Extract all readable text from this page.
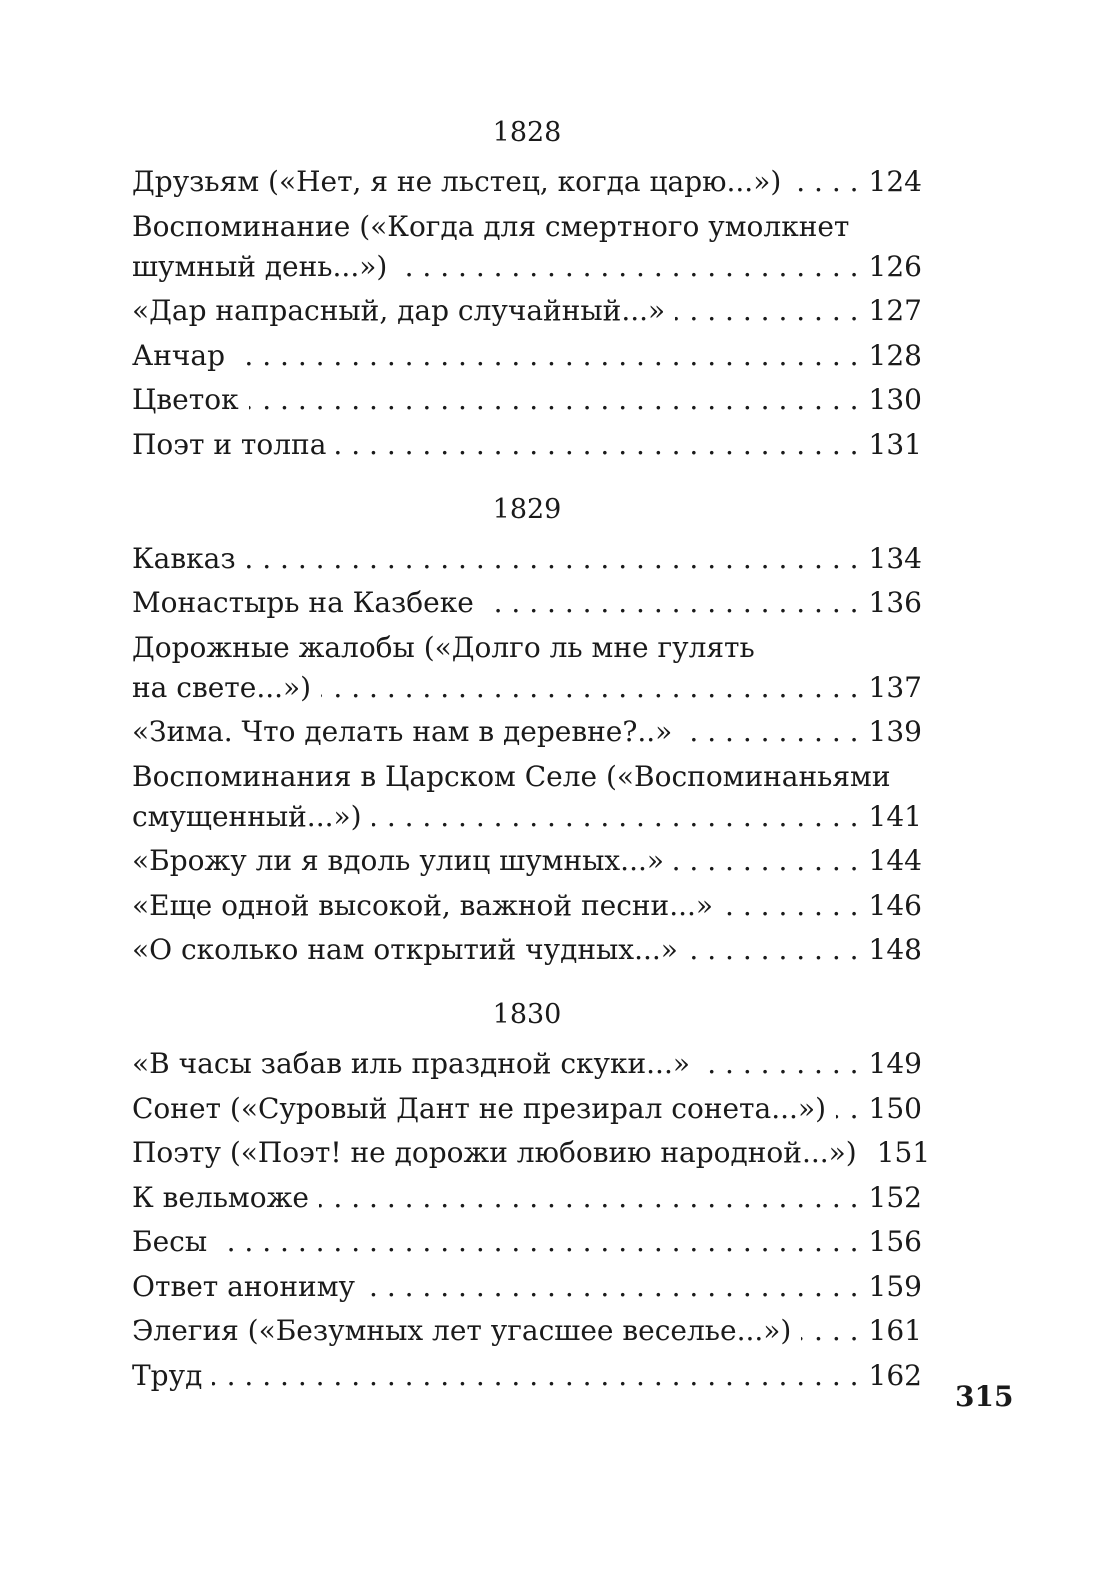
1828
Друзьям («Нет, я не льстец, когда царю...») . . .	124
Воспоминание («Когда для смертного умолкнет
шумный день...») . . .	126
«Дар напрасный, дар случайный...» . . .	127
Анчар . . .	128
Цветок . . .	130
Поэт и толпа . . .	131
1829
Кавказ . . .	134
Монастырь на Казбеке . . .	136
Дорожные жалобы («Долго ль мне гулять
на свете...») . . .	137
«Зима. Что делать нам в деревне?..» . . .	139
Воспоминания в Царском Селе («Воспоминаньями
смущенный...») . . .	141
«Брожу ли я вдоль улиц шумных...» . . .	144
«Еще одной высокой, важной песни...» . . .	146
«О сколько нам открытий чудных...» . . .	148
1830
«В часы забав иль праздной скуки...» . . .	149
Сонет («Суровый Дант не презирал сонета...») . . . 150
Поэту («Поэт! не дорожи любовию народной...») 151
К вельможе . . .	152
Бесы . . .	156
Ответ анониму . . .	159
Элегия («Безумных лет угасшее веселье...») . . .	161
Труд . . .	162
315
